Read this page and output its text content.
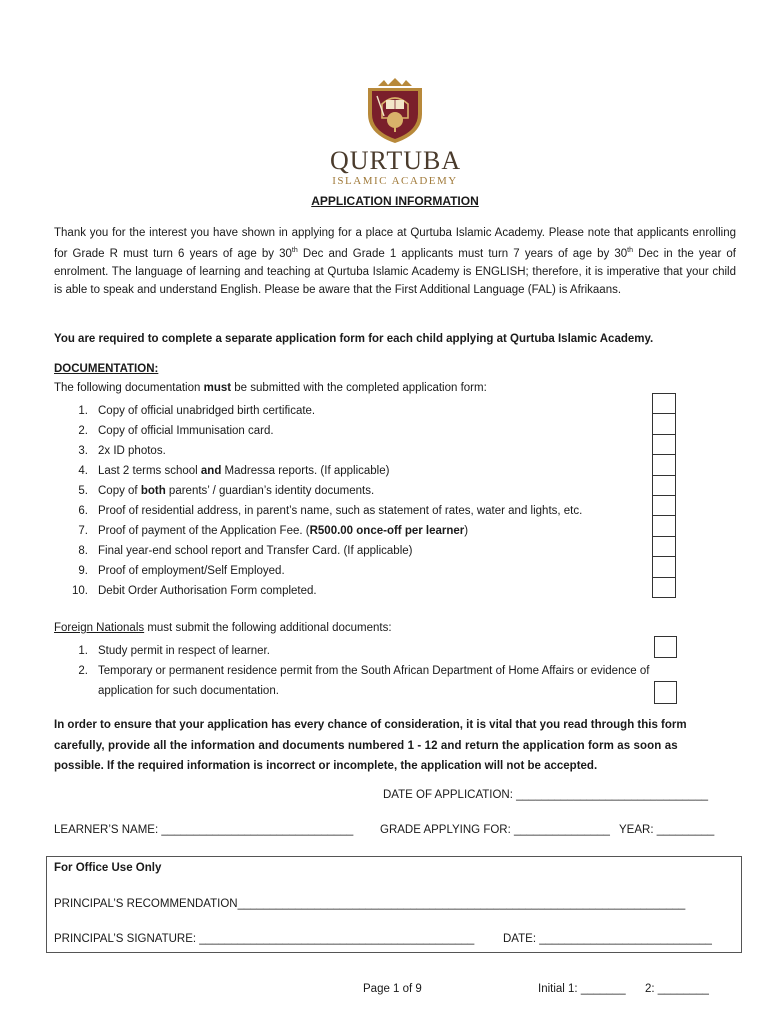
QURTUBA
ISLAMIC ACADEMY
APPLICATION INFORMATION
Thank you for the interest you have shown in applying for a place at Qurtuba Islamic Academy. Please note that applicants enrolling for Grade R must turn 6 years of age by 30th Dec and Grade 1 applicants must turn 7 years of age by 30th Dec in the year of enrolment. The language of learning and teaching at Qurtuba Islamic Academy is ENGLISH; therefore, it is imperative that your child is able to speak and understand English. Please be aware that the First Additional Language (FAL) is Afrikaans.
You are required to complete a separate application form for each child applying at Qurtuba Islamic Academy.
DOCUMENTATION:
The following documentation must be submitted with the completed application form:
1. Copy of official unabridged birth certificate.
2. Copy of official Immunisation card.
3. 2x ID photos.
4. Last 2 terms school and Madressa reports. (If applicable)
5. Copy of both parents’ / guardian’s identity documents.
6. Proof of residential address, in parent’s name, such as statement of rates, water and lights, etc.
7. Proof of payment of the Application Fee. (R500.00 once-off per learner)
8. Final year-end school report and Transfer Card. (If applicable)
9. Proof of employment/Self Employed.
10. Debit Order Authorisation Form completed.
Foreign Nationals must submit the following additional documents:
1. Study permit in respect of learner.
2. Temporary or permanent residence permit from the South African Department of Home Affairs or evidence of
application for such documentation.
In order to ensure that your application has every chance of consideration, it is vital that you read through this form
carefully, provide all the information and documents numbered 1 - 12 and return the application form as soon as
possible. If the required information is incorrect or incomplete, the application will not be accepted.
DATE OF APPLICATION: ______________________________
LEARNER’S NAME: ______________________________ GRADE APPLYING FOR: _______________ YEAR: _________
For Office Use Only
PRINCIPAL’S RECOMMENDATION______________________________________________________________________
PRINCIPAL’S SIGNATURE: ___________________________________________ DATE: ___________________________
Page 1 of 9	Initial 1: _______ 2: ________
